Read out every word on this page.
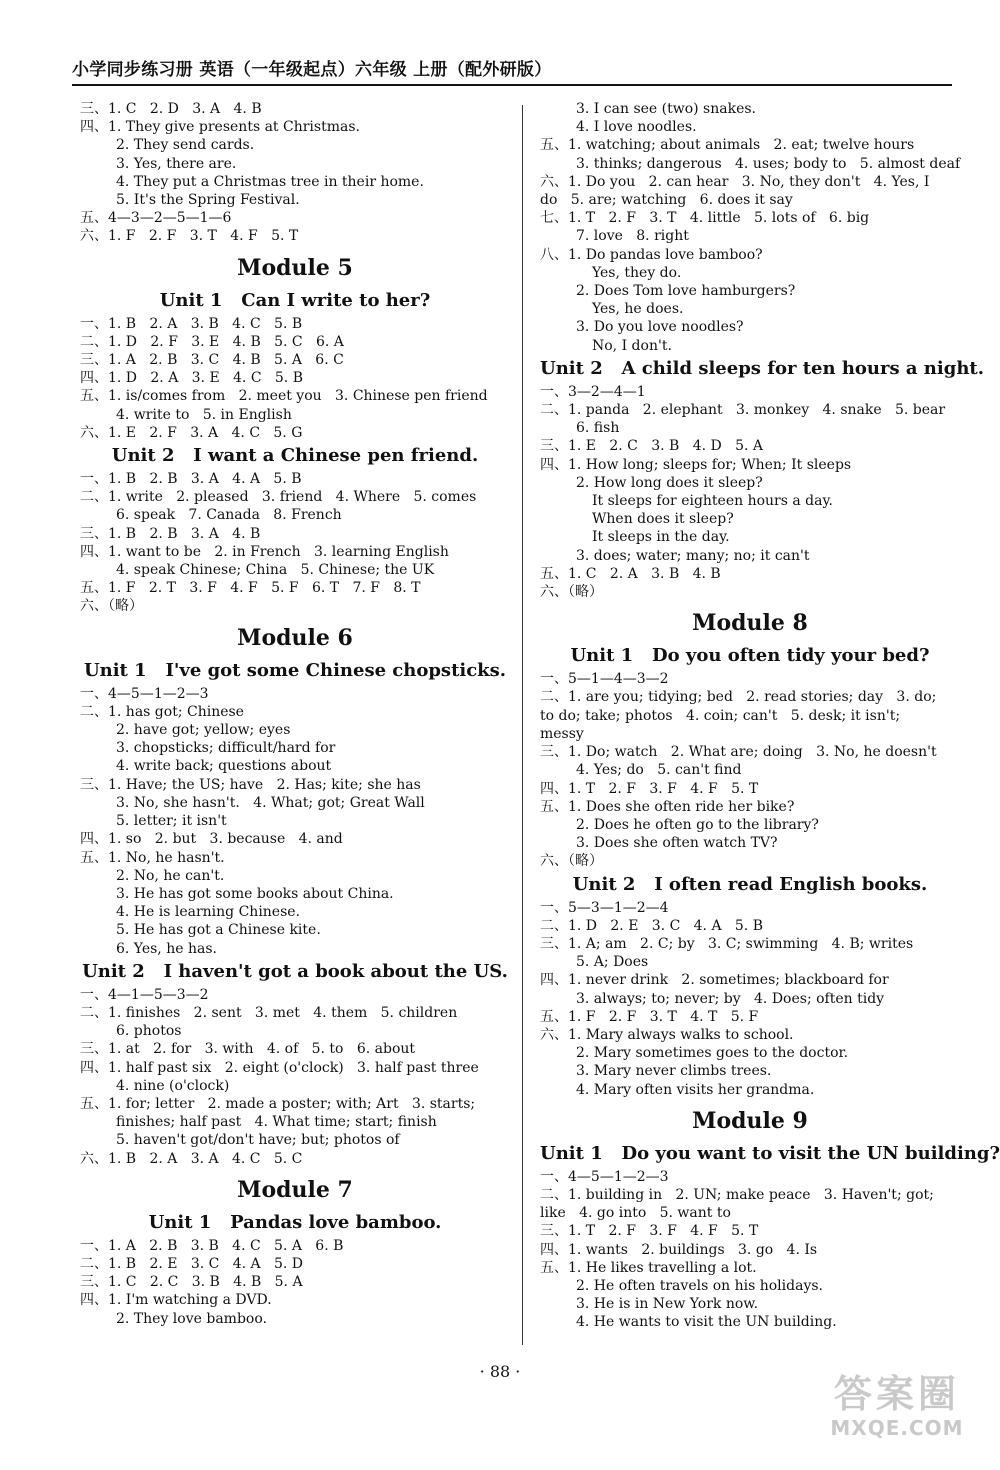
小学同步练习册 英语（一年级起点）六年级 上册（配外研版）
三、1. C   2. D   3. A   4. B
四、1. They give presents at Christmas.
2. They send cards.
3. Yes, there are.
4. They put a Christmas tree in their home.
5. It's the Spring Festival.
五、4—3—2—5—1—6
六、1. F   2. F   3. T   4. F   5. T
Module 5
Unit 1   Can I write to her?
一、1. B   2. A   3. B   4. C   5. B
二、1. D   2. F   3. E   4. B   5. C   6. A
三、1. A   2. B   3. C   4. B   5. A   6. C
四、1. D   2. A   3. E   4. C   5. B
五、1. is/comes from   2. meet you   3. Chinese pen friend
4. write to   5. in English
六、1. E   2. F   3. A   4. C   5. G
Unit 2   I want a Chinese pen friend.
一、1. B   2. B   3. A   4. A   5. B
二、1. write   2. pleased   3. friend   4. Where   5. comes
6. speak   7. Canada   8. French
三、1. B   2. B   3. A   4. B
四、1. want to be   2. in French   3. learning English
4. speak Chinese; China   5. Chinese; the UK
五、1. F   2. T   3. F   4. F   5. F   6. T   7. F   8. T
六、（略）
Module 6
Unit 1   I've got some Chinese chopsticks.
一、4—5—1—2—3
二、1. has got; Chinese
2. have got; yellow; eyes
3. chopsticks; difficult/hard for
4. write back; questions about
三、1. Have; the US; have   2. Has; kite; she has
3. No, she hasn't.   4. What; got; Great Wall
5. letter; it isn't
四、1. so   2. but   3. because   4. and
五、1. No, he hasn't.
2. No, he can't.
3. He has got some books about China.
4. He is learning Chinese.
5. He has got a Chinese kite.
6. Yes, he has.
Unit 2   I haven't got a book about the US.
一、4—1—5—3—2
二、1. finishes   2. sent   3. met   4. them   5. children
6. photos
三、1. at   2. for   3. with   4. of   5. to   6. about
四、1. half past six   2. eight (o'clock)   3. half past three
4. nine (o'clock)
五、1. for; letter   2. made a poster; with; Art   3. starts;
finishes; half past   4. What time; start; finish
5. haven't got/don't have; but; photos of
六、1. B   2. A   3. A   4. C   5. C
Module 7
Unit 1   Pandas love bamboo.
一、1. A   2. B   3. B   4. C   5. A   6. B
二、1. B   2. E   3. C   4. A   5. D
三、1. C   2. C   3. B   4. B   5. A
四、1. I'm watching a DVD.
2. They love bamboo.
3. I can see (two) snakes.
4. I love noodles.
五、1. watching; about animals   2. eat; twelve hours
3. thinks; dangerous   4. uses; body to   5. almost deaf
六、1. Do you   2. can hear   3. No, they don't   4. Yes, I
do   5. are; watching   6. does it say
七、1. T   2. F   3. T   4. little   5. lots of   6. big
7. love   8. right
八、1. Do pandas love bamboo?
Yes, they do.
2. Does Tom love hamburgers?
Yes, he does.
3. Do you love noodles?
No, I don't.
Unit 2   A child sleeps for ten hours a night.
一、3—2—4—1
二、1. panda   2. elephant   3. monkey   4. snake   5. bear
6. fish
三、1. E   2. C   3. B   4. D   5. A
四、1. How long; sleeps for; When; It sleeps
2. How long does it sleep?
It sleeps for eighteen hours a day.
When does it sleep?
It sleeps in the day.
3. does; water; many; no; it can't
五、1. C   2. A   3. B   4. B
六、（略）
Module 8
Unit 1   Do you often tidy your bed?
一、5—1—4—3—2
二、1. are you; tidying; bed   2. read stories; day   3. do;
to do; take; photos   4. coin; can't   5. desk; it isn't;
messy
三、1. Do; watch   2. What are; doing   3. No, he doesn't
4. Yes; do   5. can't find
四、1. T   2. F   3. F   4. F   5. T
五、1. Does she often ride her bike?
2. Does he often go to the library?
3. Does she often watch TV?
六、（略）
Unit 2   I often read English books.
一、5—3—1—2—4
二、1. D   2. E   3. C   4. A   5. B
三、1. A; am   2. C; by   3. C; swimming   4. B; writes
5. A; Does
四、1. never drink   2. sometimes; blackboard for
3. always; to; never; by   4. Does; often tidy
五、1. F   2. F   3. T   4. T   5. F
六、1. Mary always walks to school.
2. Mary sometimes goes to the doctor.
3. Mary never climbs trees.
4. Mary often visits her grandma.
Module 9
Unit 1   Do you want to visit the UN building?
一、4—5—1—2—3
二、1. building in   2. UN; make peace   3. Haven't; got;
like   4. go into   5. want to
三、1. T   2. F   3. F   4. F   5. T
四、1. wants   2. buildings   3. go   4. Is
五、1. He likes travelling a lot.
2. He often travels on his holidays.
3. He is in New York now.
4. He wants to visit the UN building.
· 88 ·
答案圈
MXQE.COM
